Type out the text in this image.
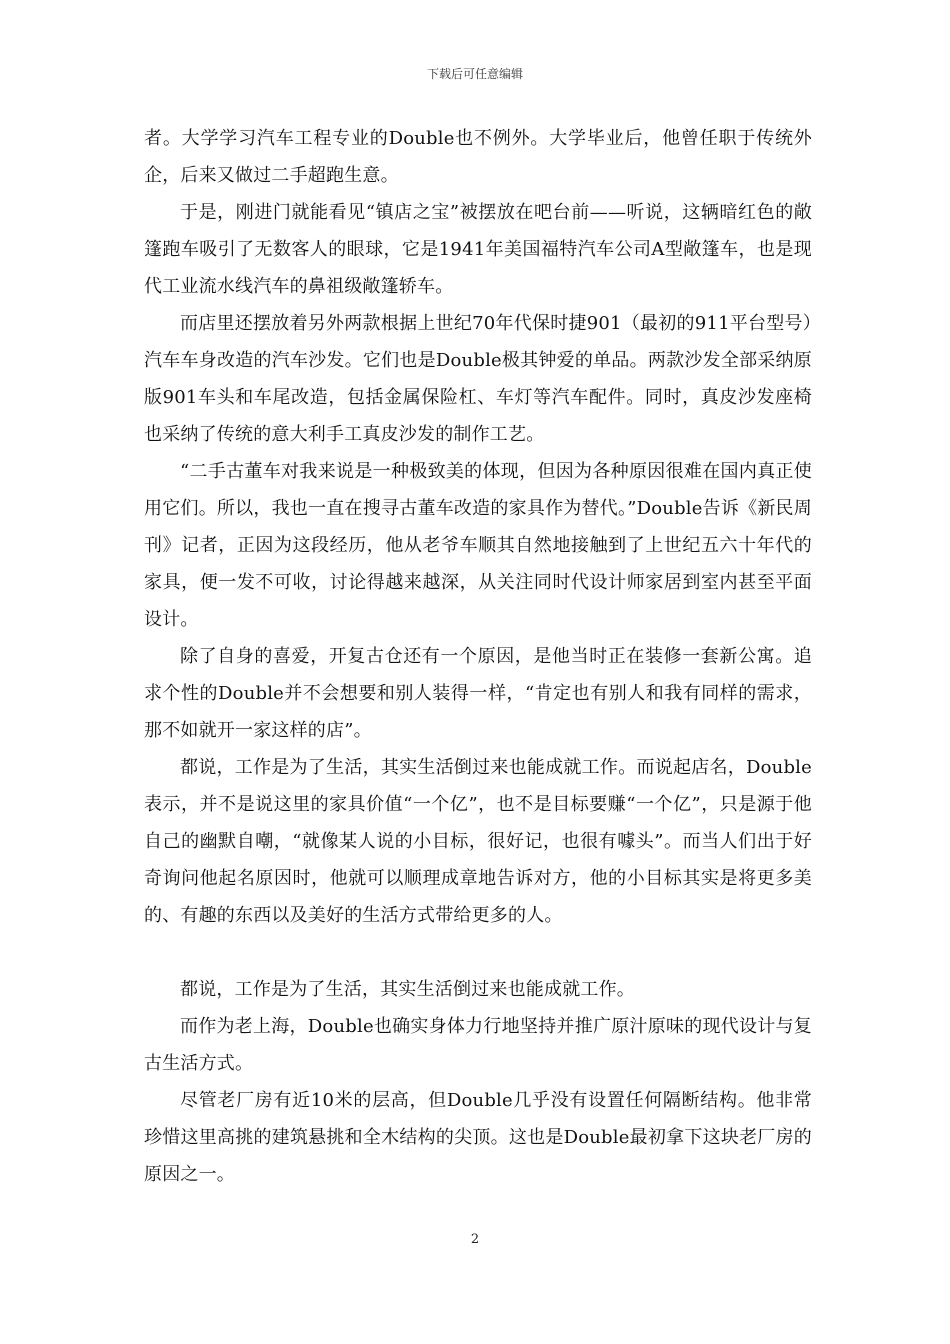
下载后可任意编辑

者。大学学习汽车工程专业的Double也不例外。大学毕业后，他曾任职于传统外企，后来又做过二手超跑生意。

于是，刚进门就能看见“镇店之宝”被摆放在吧台前——听说，这辆暗红色的敞篷跑车吸引了无数客人的眼球，它是1941年美国福特汽车公司A型敞篷车，也是现代工业流水线汽车的鼻祖级敞篷轿车。

而店里还摆放着另外两款根据上世纪70年代保时捷901（最初的911平台型号）汽车车身改造的汽车沙发。它们也是Double极其钟爱的单品。两款沙发全部采纳原版901车头和车尾改造，包括金属保险杠、车灯等汽车配件。同时，真皮沙发座椅也采纳了传统的意大利手工真皮沙发的制作工艺。

“二手古董车对我来说是一种极致美的体现，但因为各种原因很难在国内真正使用它们。所以，我也一直在搜寻古董车改造的家具作为替代。”Double告诉《新民周刊》记者，正因为这段经历，他从老爷车顺其自然地接触到了上世纪五六十年代的家具，便一发不可收，讨论得越来越深，从关注同时代设计师家居到室内甚至平面设计。

除了自身的喜爱，开复古仓还有一个原因，是他当时正在装修一套新公寓。追求个性的Double并不会想要和别人装得一样，“肯定也有别人和我有同样的需求，那不如就开一家这样的店”。

都说，工作是为了生活，其实生活倒过来也能成就工作。而说起店名，Double表示，并不是说这里的家具价值“一个亿”，也不是目标要赚“一个亿”，只是源于他自己的幽默自嘲，“就像某人说的小目标，很好记，也很有噱头”。而当人们出于好奇询问他起名原因时，他就可以顺理成章地告诉对方，他的小目标其实是将更多美的、有趣的东西以及美好的生活方式带给更多的人。

都说，工作是为了生活，其实生活倒过来也能成就工作。

而作为老上海，Double也确实身体力行地坚持并推广原汁原味的现代设计与复古生活方式。

尽管老厂房有近10米的层高，但Double几乎没有设置任何隔断结构。他非常珍惜这里高挑的建筑悬挑和全木结构的尖顶。这也是Double最初拿下这块老厂房的原因之一。

2
